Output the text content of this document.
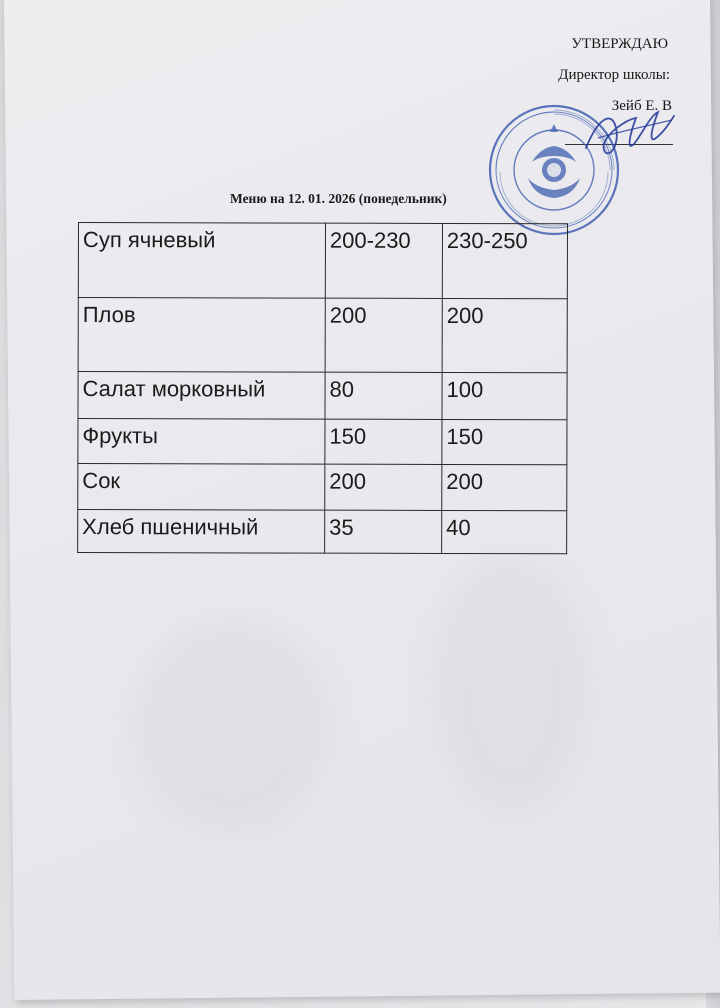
УТВЕРЖДАЮ
Директор школы:
Зейб Е. В
Меню на 12. 01. 2026 (понедельник)
Суп ячневый	200-230	230-250
Плов	200	200
Салат морковный	80	100
Фрукты	150	150
Сок	200	200
Хлеб пшеничный	35	40
